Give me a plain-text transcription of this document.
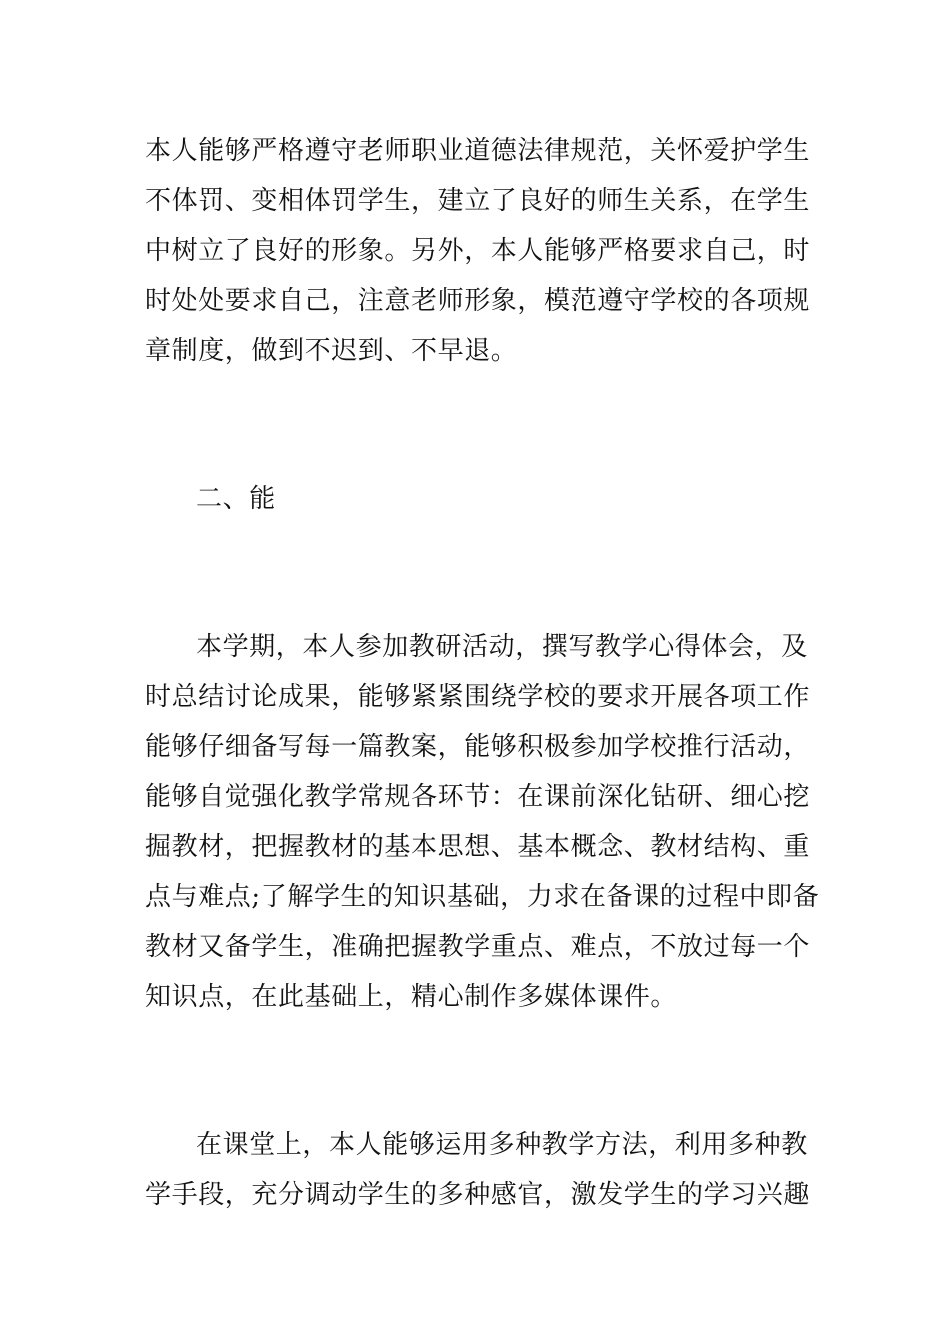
本人能够严格遵守老师职业道德法律规范，关怀爱护学生
不体罚、变相体罚学生，建立了良好的师生关系，在学生
中树立了良好的形象。另外，本人能够严格要求自己，时
时处处要求自己，注意老师形象，模范遵守学校的各项规
章制度，做到不迟到、不早退。
二、能
本学期，本人参加教研活动，撰写教学心得体会，及
时总结讨论成果，能够紧紧围绕学校的要求开展各项工作
能够仔细备写每一篇教案，能够积极参加学校推行活动，
能够自觉强化教学常规各环节：在课前深化钻研、细心挖
掘教材，把握教材的基本思想、基本概念、教材结构、重
点与难点;了解学生的知识基础，力求在备课的过程中即备
教材又备学生，准确把握教学重点、难点，不放过每一个
知识点，在此基础上，精心制作多媒体课件。
在课堂上，本人能够运用多种教学方法，利用多种教
学手段，充分调动学生的多种感官，激发学生的学习兴趣
